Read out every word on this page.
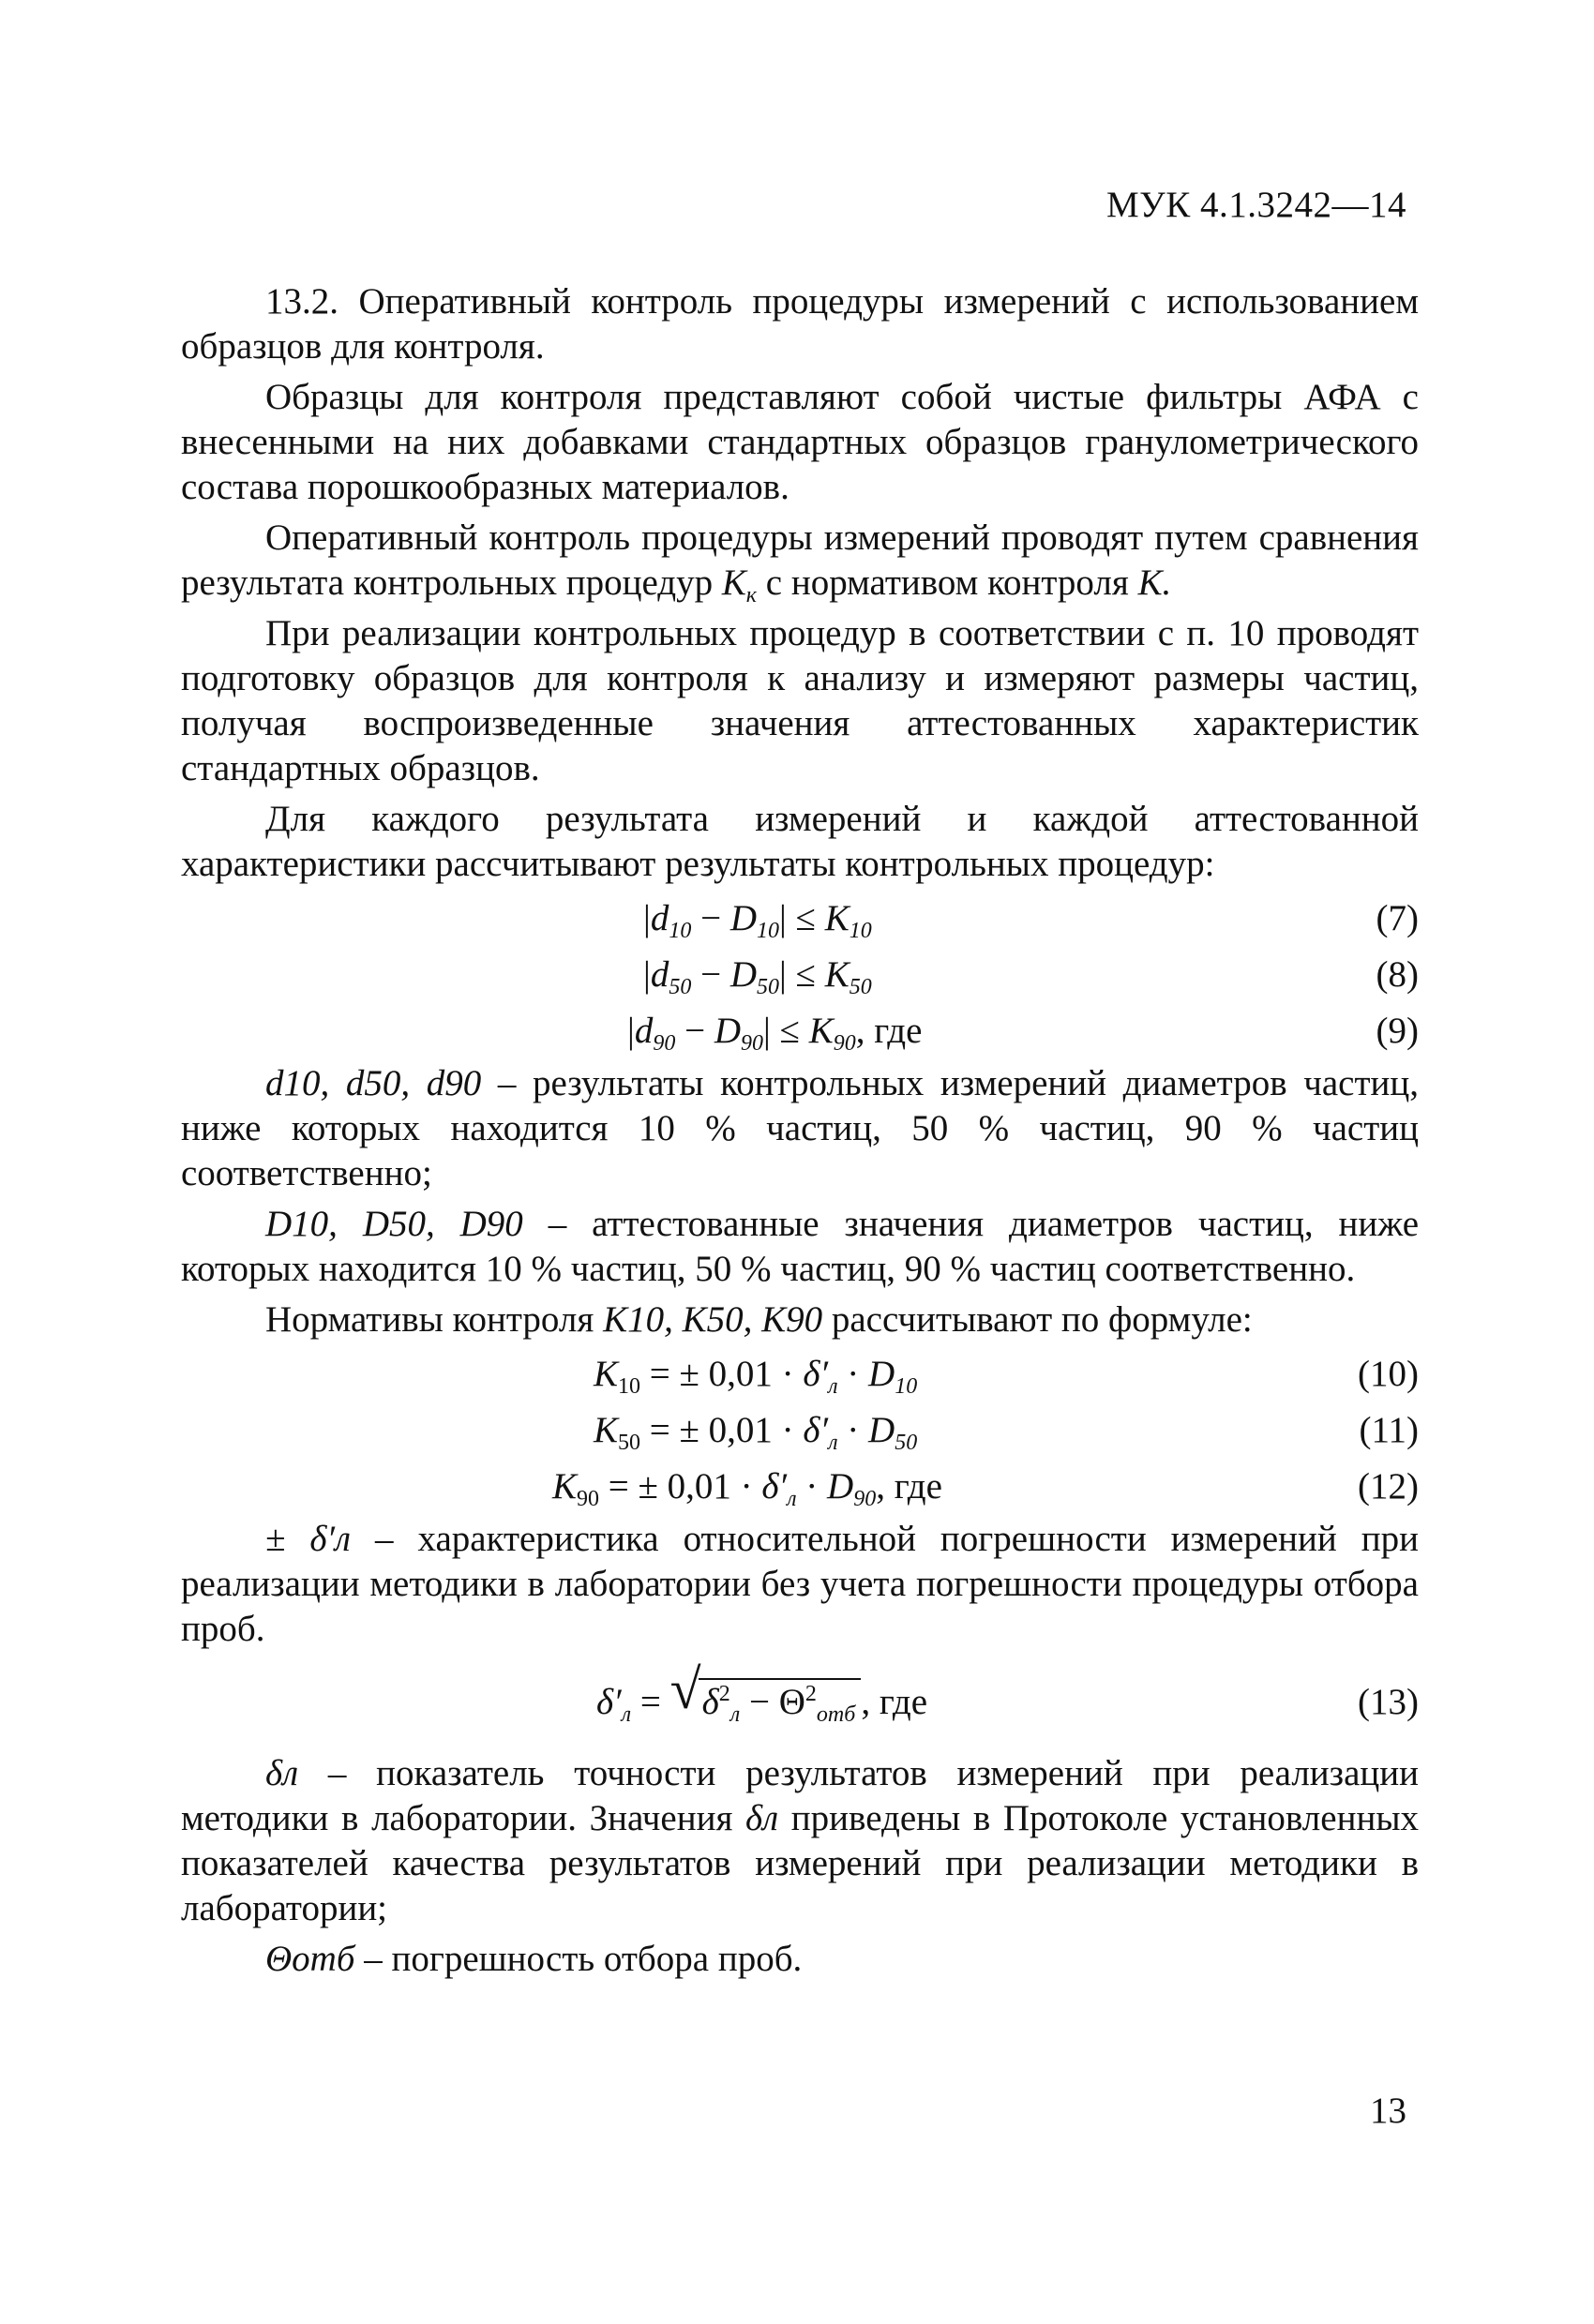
МУК 4.1.3242—14

13.2. Оперативный контроль процедуры измерений с использованием образцов для контроля.

Образцы для контроля представляют собой чистые фильтры АФА с внесенными на них добавками стандартных образцов гранулометрического состава порошкообразных материалов.

Оперативный контроль процедуры измерений проводят путем сравнения результата контрольных процедур $К_к$ с нормативом контроля К.

При реализации контрольных процедур в соответствии с п. 10 проводят подготовку образцов для контроля к анализу и измеряют размеры частиц, получая воспроизведенные значения аттестованных характеристик стандартных образцов.

Для каждого результата измерений и каждой аттестованной характеристики рассчитывают результаты контрольных процедур:

$|d_{10} - D_{10}| \le K_{10}$	(7)
$|d_{50} - D_{50}| \le K_{50}$	(8)
$|d_{90} - D_{90}| \le K_{90}$, где	(9)

d10, d50, d90 – результаты контрольных измерений диаметров частиц, ниже которых находится 10 % частиц, 50 % частиц, 90 % частиц соответственно;

D10, D50, D90 – аттестованные значения диаметров частиц, ниже которых находится 10 % частиц, 50 % частиц, 90 % частиц соответственно.

Нормативы контроля K10, K50, K90 рассчитывают по формуле:

$K_{10}$ = ± $0,01 \cdot \delta'_л \cdot D_{10}$	(10)
$K_{50}$ = ± $0,01 \cdot \delta'_л \cdot D_{50}$	(11)
$K_{90}$ = ± $0,01 \cdot \delta'_л \cdot D_{90}$, где	(12)

± δ′л – характеристика относительной погрешности измерений при реализации методики в лаборатории без учета погрешности процедуры отбора проб.

$\delta'_л$ = √ $\delta^2_л - \Theta^2_{отб}$ , где	(13)

δл – показатель точности результатов измерений при реализации методики в лаборатории. Значения δл приведены в Протоколе установленных показателей качества результатов измерений при реализации методики в лаборатории;

Θотб – погрешность отбора проб.

13
